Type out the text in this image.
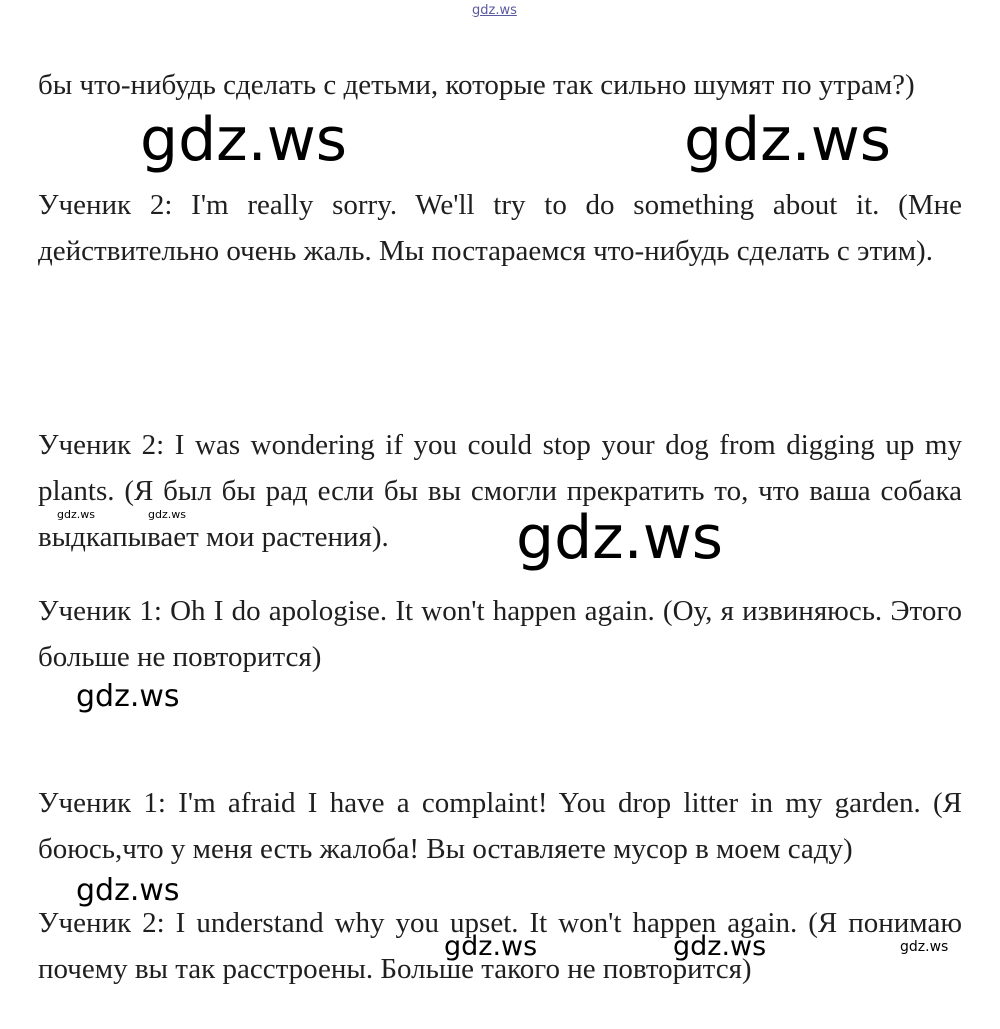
gdz.ws

бы что-нибудь сделать с детьми, которые так сильно шумят по утрам?)

Ученик 2: I'm really sorry. We'll try to do something about it. (Мне действительно очень жаль. Мы постараемся что-нибудь сделать с этим).

Ученик 2: I was wondering if you could stop your dog from digging up my plants. (Я был бы рад если бы вы смогли прекратить то, что ваша собака выдкапывает мои растения).

Ученик 1: Oh I do apologise. It won't happen again. (Оу, я извиняюсь. Этого больше не повторится)

Ученик 1: I'm afraid I have a complaint! You drop litter in my garden. (Я боюсь,что у меня есть жалоба! Вы оставляете мусор в моем саду)

Ученик 2: I understand why you upset. It won't happen again. (Я понимаю почему вы так расстроены. Больше такого не повторится)

gdz.ws	gdz.ws
gdz.ws
gdz.ws	gdz.ws
gdz.ws
gdz.ws
gdz.ws	gdz.ws	gdz.ws
